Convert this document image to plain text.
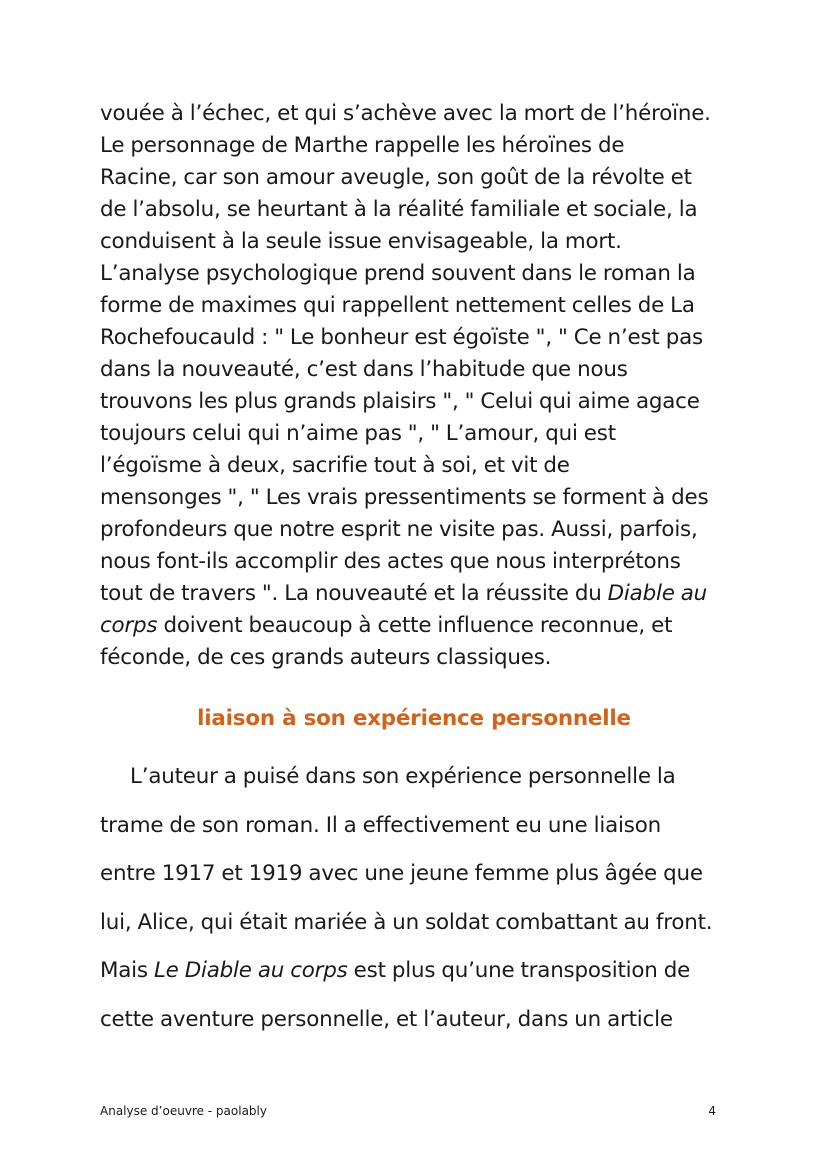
vouée à l’échec, et qui s’achève avec la mort de l’héroïne.
Le personnage de Marthe rappelle les héroïnes de
Racine, car son amour aveugle, son goût de la révolte et
de l’absolu, se heurtant à la réalité familiale et sociale, la
conduisent à la seule issue envisageable, la mort.
L’analyse psychologique prend souvent dans le roman la
forme de maximes qui rappellent nettement celles de La
Rochefoucauld : " Le bonheur est égoïste ", " Ce n’est pas
dans la nouveauté, c’est dans l’habitude que nous
trouvons les plus grands plaisirs ", " Celui qui aime agace
toujours celui qui n’aime pas ", " L’amour, qui est
l’égoïsme à deux, sacrifie tout à soi, et vit de
mensonges ", " Les vrais pressentiments se forment à des
profondeurs que notre esprit ne visite pas. Aussi, parfois,
nous font-ils accomplir des actes que nous interprétons
tout de travers ". La nouveauté et la réussite du Diable au
corps doivent beaucoup à cette influence reconnue, et
féconde, de ces grands auteurs classiques.

liaison à son expérience personnelle

L’auteur a puisé dans son expérience personnelle la
trame de son roman. Il a effectivement eu une liaison
entre 1917 et 1919 avec une jeune femme plus âgée que
lui, Alice, qui était mariée à un soldat combattant au front.
Mais Le Diable au corps est plus qu’une transposition de
cette aventure personnelle, et l’auteur, dans un article

Analyse d’oeuvre - paolably	4
